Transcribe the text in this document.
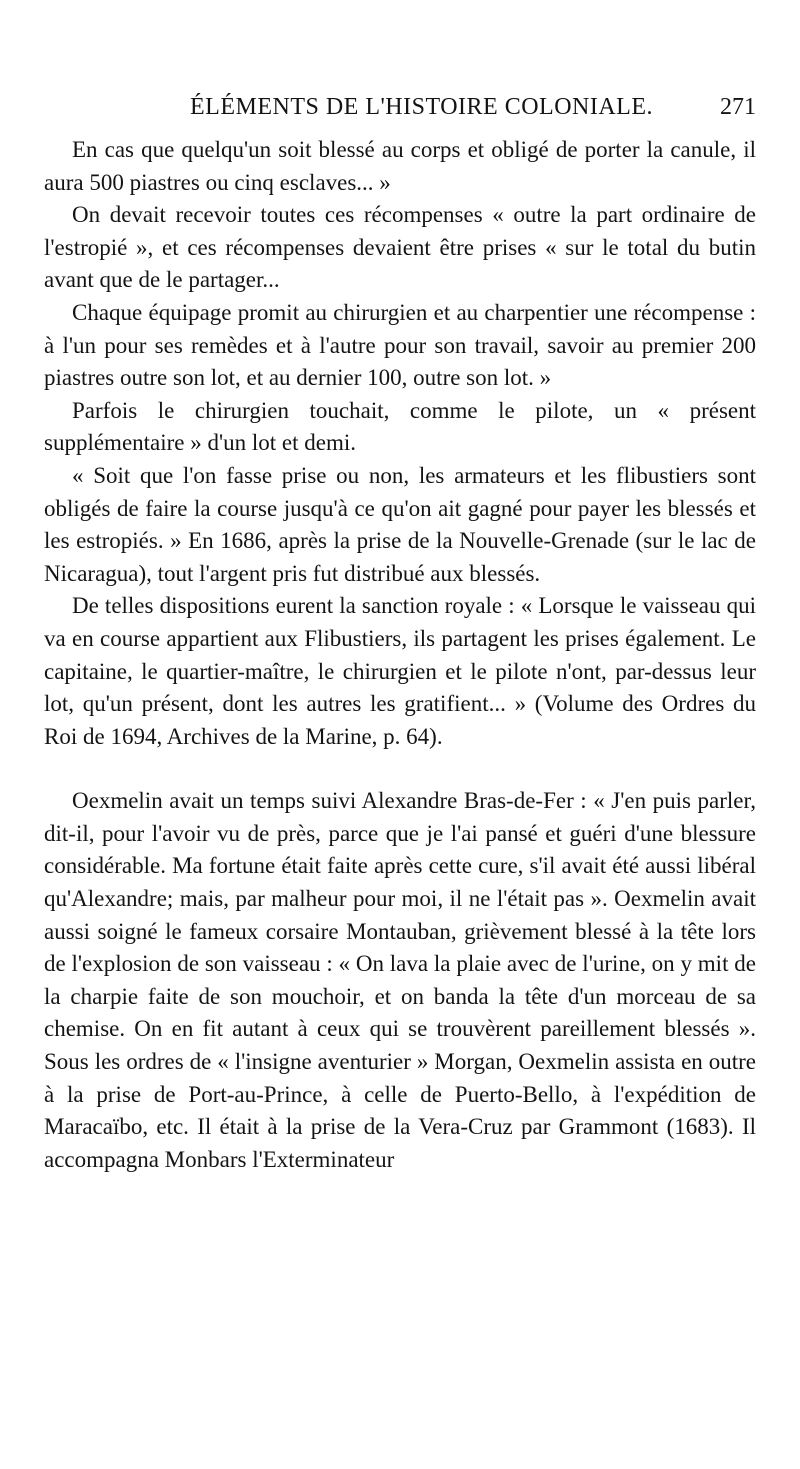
ÉLÉMENTS DE L'HISTOIRE COLONIALE.	271

En cas que quelqu'un soit blessé au corps et obligé de porter la canule, il aura 500 piastres ou cinq esclaves... »

On devait recevoir toutes ces récompenses « outre la part ordinaire de l'estropié », et ces récompenses devaient être prises « sur le total du butin avant que de le partager...

Chaque équipage promit au chirurgien et au charpentier une récompense : à l'un pour ses remèdes et à l'autre pour son travail, savoir au premier 200 piastres outre son lot, et au dernier 100, outre son lot. »

Parfois le chirurgien touchait, comme le pilote, un « présent supplémentaire » d'un lot et demi.

« Soit que l'on fasse prise ou non, les armateurs et les flibustiers sont obligés de faire la course jusqu'à ce qu'on ait gagné pour payer les blessés et les estropiés. » En 1686, après la prise de la Nouvelle-Grenade (sur le lac de Nicaragua), tout l'argent pris fut distribué aux blessés.

De telles dispositions eurent la sanction royale : « Lorsque le vaisseau qui va en course appartient aux Flibustiers, ils partagent les prises également. Le capitaine, le quartier-maître, le chirurgien et le pilote n'ont, par-dessus leur lot, qu'un présent, dont les autres les gratifient... » (Volume des Ordres du Roi de 1694, Archives de la Marine, p. 64).

Oexmelin avait un temps suivi Alexandre Bras-de-Fer : « J'en puis parler, dit-il, pour l'avoir vu de près, parce que je l'ai pansé et guéri d'une blessure considérable. Ma fortune était faite après cette cure, s'il avait été aussi libéral qu'Alexandre; mais, par malheur pour moi, il ne l'était pas ». Oexmelin avait aussi soigné le fameux corsaire Montauban, grièvement blessé à la tête lors de l'explosion de son vaisseau : « On lava la plaie avec de l'urine, on y mit de la charpie faite de son mouchoir, et on banda la tête d'un morceau de sa chemise. On en fit autant à ceux qui se trouvèrent pareillement blessés ». Sous les ordres de « l'insigne aventurier » Morgan, Oexmelin assista en outre à la prise de Port-au-Prince, à celle de Puerto-Bello, à l'expédition de Maracaïbo, etc. Il était à la prise de la Vera-Cruz par Grammont (1683). Il accompagna Monbars l'Exterminateur
